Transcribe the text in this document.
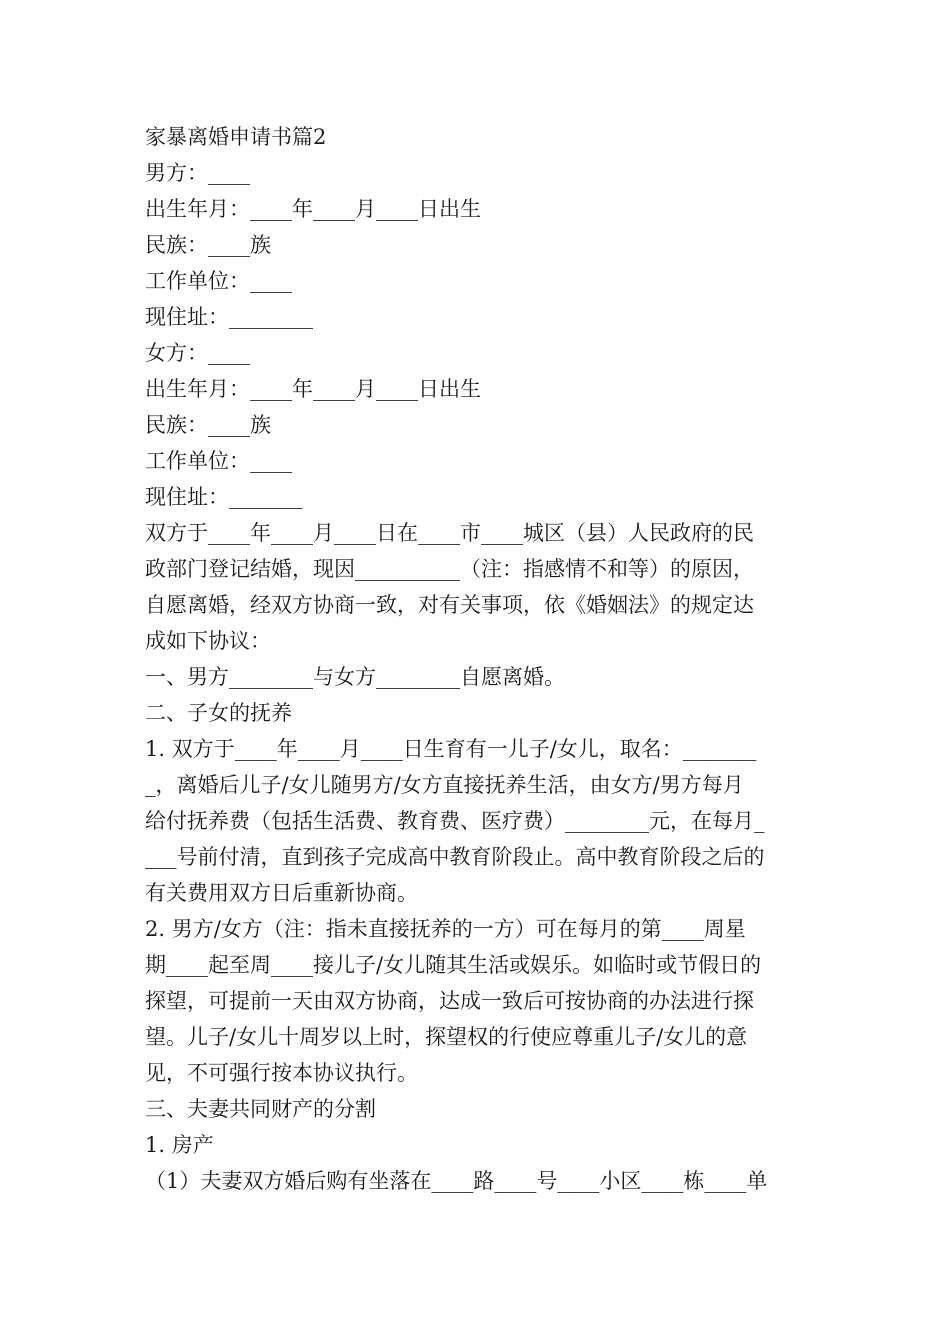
家暴离婚申请书篇2
男方：____
出生年月：____年____月____日出生
民族：____族
工作单位：____
现住址：________
女方：____
出生年月：____年____月____日出生
民族：____族
工作单位：____
现住址：_______
双方于____年____月____日在____市____城区（县）人民政府的民
政部门登记结婚，现因__________（注：指感情不和等）的原因，
自愿离婚，经双方协商一致，对有关事项，依《婚姻法》的规定达
成如下协议：
一、男方________与女方________自愿离婚。
二、子女的抚养
1. 双方于____年____月____日生育有一儿子/女儿，取名：_______
_，离婚后儿子/女儿随男方/女方直接抚养生活，由女方/男方每月
给付抚养费（包括生活费、教育费、医疗费）________元，在每月_
___号前付清，直到孩子完成高中教育阶段止。高中教育阶段之后的
有关费用双方日后重新协商。
2. 男方/女方（注：指未直接抚养的一方）可在每月的第____周星
期____起至周____接儿子/女儿随其生活或娱乐。如临时或节假日的
探望，可提前一天由双方协商，达成一致后可按协商的办法进行探
望。儿子/女儿十周岁以上时，探望权的行使应尊重儿子/女儿的意
见，不可强行按本协议执行。
三、夫妻共同财产的分割
1. 房产
（1）夫妻双方婚后购有坐落在____路____号____小区____栋____单
